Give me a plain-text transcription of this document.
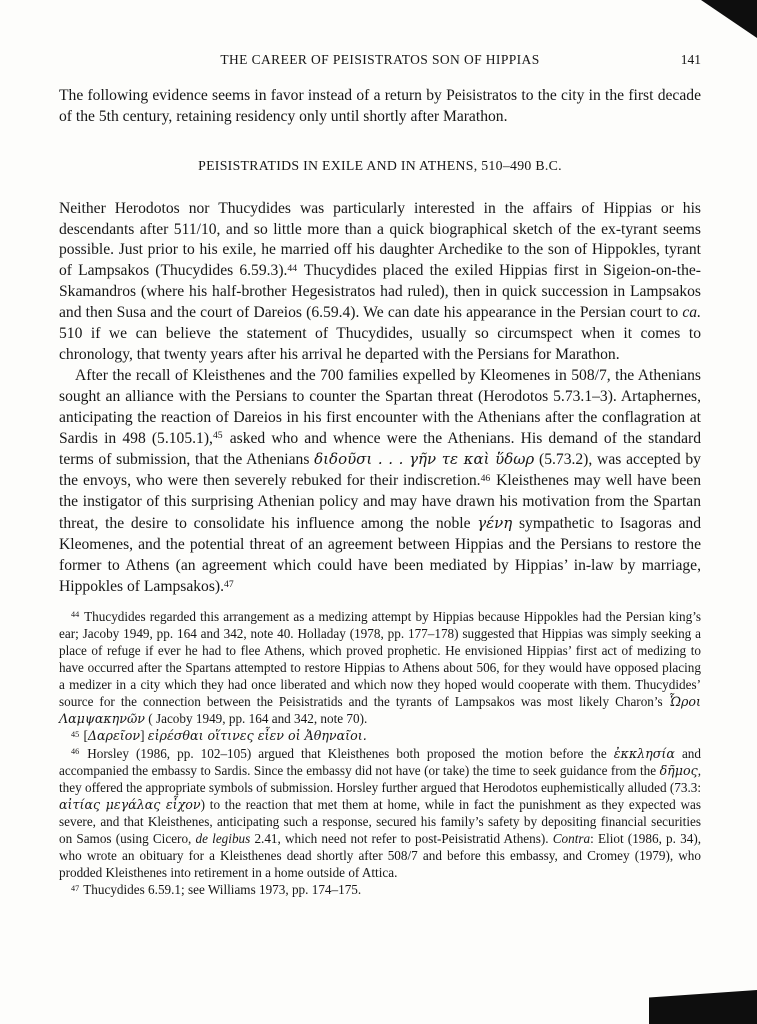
THE CAREER OF PEISISTRATOS SON OF HIPPIAS	141

The following evidence seems in favor instead of a return by Peisistratos to the city in the first decade of the 5th century, retaining residency only until shortly after Marathon.

PEISISTRATIDS IN EXILE AND IN ATHENS, 510–490 B.C.

Neither Herodotos nor Thucydides was particularly interested in the affairs of Hippias or his descendants after 511/10, and so little more than a quick biographical sketch of the ex-tyrant seems possible. Just prior to his exile, he married off his daughter Archedike to the son of Hippokles, tyrant of Lampsakos (Thucydides 6.59.3).$^{44}$ Thucydides placed the exiled Hippias first in Sigeion-on-the-Skamandros (where his half-brother Hegesistratos had ruled), then in quick succession in Lampsakos and then Susa and the court of Dareios (6.59.4). We can date his appearance in the Persian court to ca. 510 if we can believe the statement of Thucydides, usually so circumspect when it comes to chronology, that twenty years after his arrival he departed with the Persians for Marathon.

After the recall of Kleisthenes and the 700 families expelled by Kleomenes in 508/7, the Athenians sought an alliance with the Persians to counter the Spartan threat (Herodotos 5.73.1–3). Artaphernes, anticipating the reaction of Dareios in his first encounter with the Athenians after the conflagration at Sardis in 498 (5.105.1),$^{45}$ asked who and whence were the Athenians. His demand of the standard terms of submission, that the Athenians διδοῦσι . . . γῆν τε καὶ ὕδωρ (5.73.2), was accepted by the envoys, who were then severely rebuked for their indiscretion.$^{46}$ Kleisthenes may well have been the instigator of this surprising Athenian policy and may have drawn his motivation from the Spartan threat, the desire to consolidate his influence among the noble γένη sympathetic to Isagoras and Kleomenes, and the potential threat of an agreement between Hippias and the Persians to restore the former to Athens (an agreement which could have been mediated by Hippias’ in-law by marriage, Hippokles of Lampsakos).$^{47}$

$^{44}$ Thucydides regarded this arrangement as a medizing attempt by Hippias because Hippokles had the Persian king’s ear; Jacoby 1949, pp. 164 and 342, note 40. Holladay (1978, pp. 177–178) suggested that Hippias was simply seeking a place of refuge if ever he had to flee Athens, which proved prophetic. He envisioned Hippias’ first act of medizing to have occurred after the Spartans attempted to restore Hippias to Athens about 506, for they would have opposed placing a medizer in a city which they had once liberated and which now they hoped would cooperate with them. Thucydides’ source for the connection between the Peisistratids and the tyrants of Lampsakos was most likely Charon’s Ὧροι Λαμψακηνῶν ( Jacoby 1949, pp. 164 and 342, note 70).

$^{45}$ [Δαρεῖον] εἰρέσθαι οἵτινες εἶεν οἱ Ἀθηναῖοι.

$^{46}$ Horsley (1986, pp. 102–105) argued that Kleisthenes both proposed the motion before the ἐκκλησία and accompanied the embassy to Sardis. Since the embassy did not have (or take) the time to seek guidance from the δῆμος, they offered the appropriate symbols of submission. Horsley further argued that Herodotos euphemistically alluded (73.3: αἰτίας μεγάλας εἶχον) to the reaction that met them at home, while in fact the punishment as they expected was severe, and that Kleisthenes, anticipating such a response, secured his family’s safety by depositing financial securities on Samos (using Cicero, de legibus 2.41, which need not refer to post-Peisistratid Athens). Contra: Eliot (1986, p. 34), who wrote an obituary for a Kleisthenes dead shortly after 508/7 and before this embassy, and Cromey (1979), who prodded Kleisthenes into retirement in a home outside of Attica.

$^{47}$ Thucydides 6.59.1; see Williams 1973, pp. 174–175.
